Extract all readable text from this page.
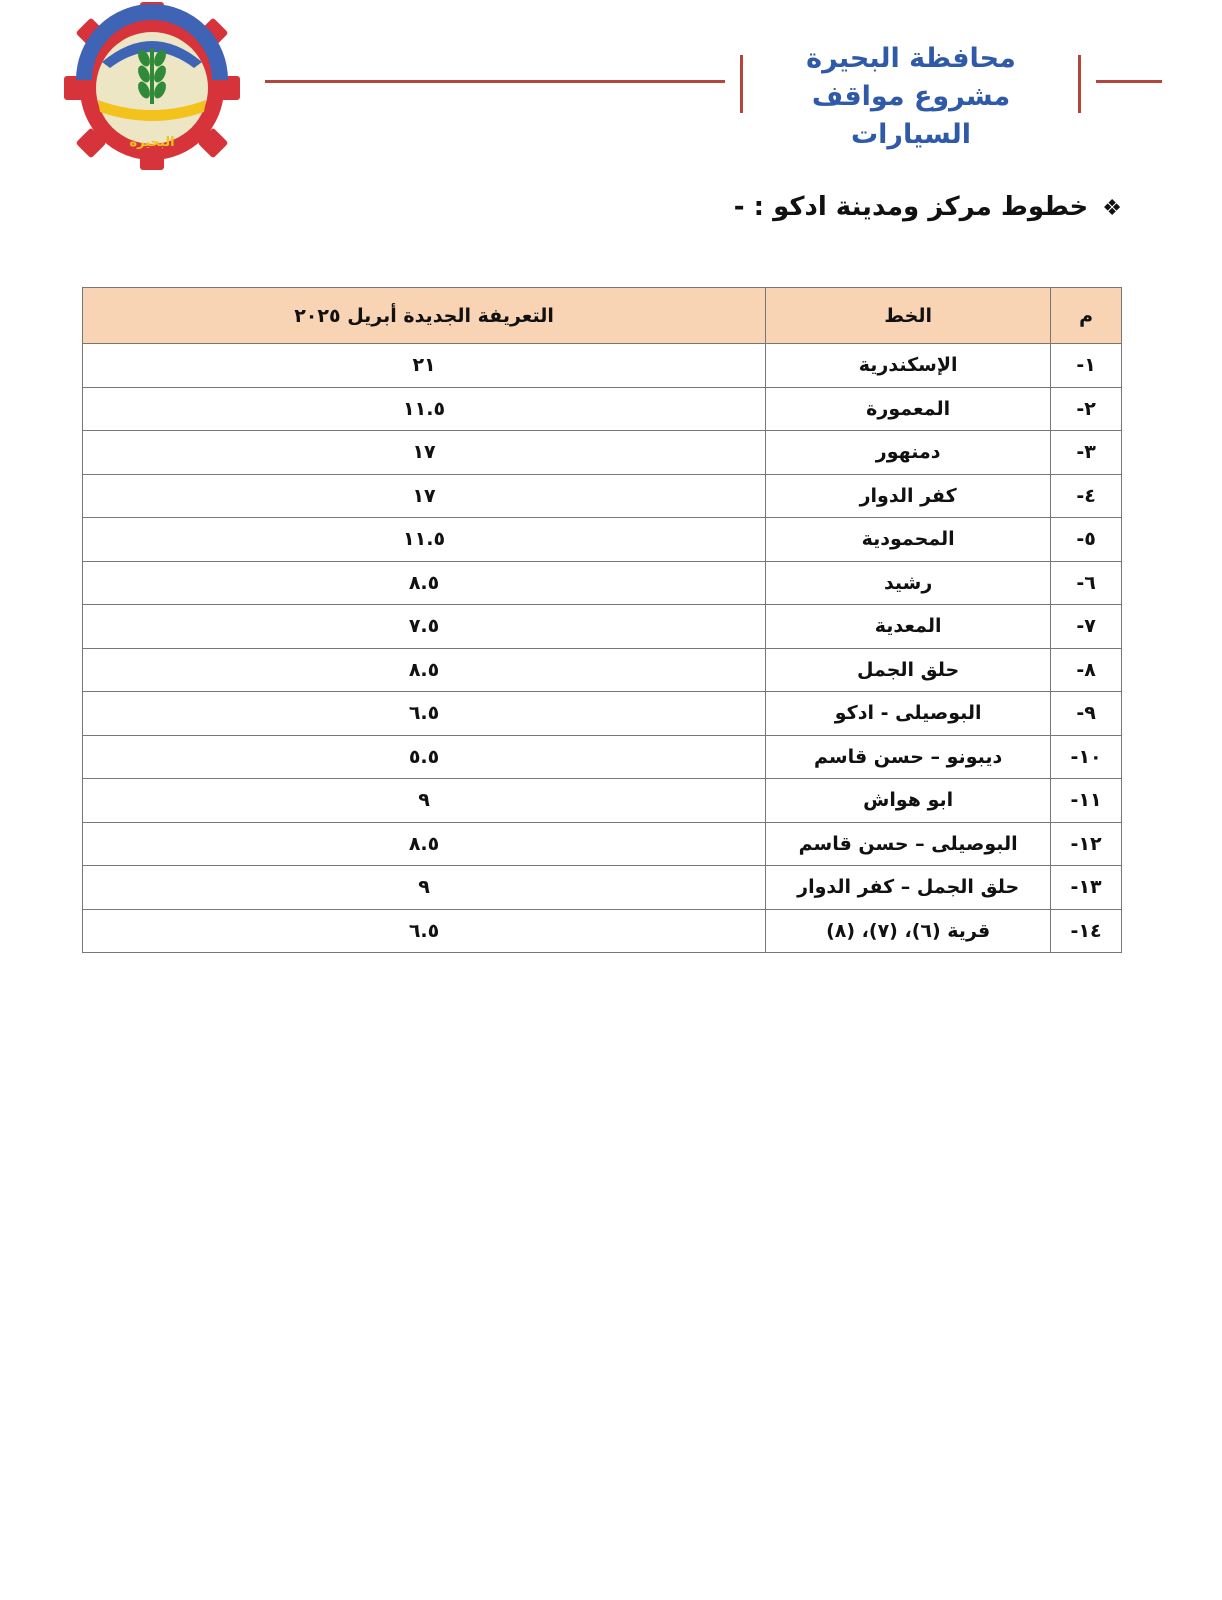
البحيرة
محافظة البحيرة
مشروع مواقف السيارات
❖خطوط مركز ومدينة ادكو : -
م	الخط	التعريفة الجديدة أبريل ٢٠٢٥
١-	الإسكندرية	٢١
٢-	المعمورة	١١.٥
٣-	دمنهور	١٧
٤-	كفر الدوار	١٧
٥-	المحمودية	١١.٥
٦-	رشيد	٨.٥
٧-	المعدية	٧.٥
٨-	حلق الجمل	٨.٥
٩-	البوصيلى - ادكو	٦.٥
١٠-	ديبونو – حسن قاسم	٥.٥
١١-	ابو هواش	٩
١٢-	البوصيلى – حسن قاسم	٨.٥
١٣-	حلق الجمل – كفر الدوار	٩
١٤-	قرية (٦)، (٧)، (٨)	٦.٥
